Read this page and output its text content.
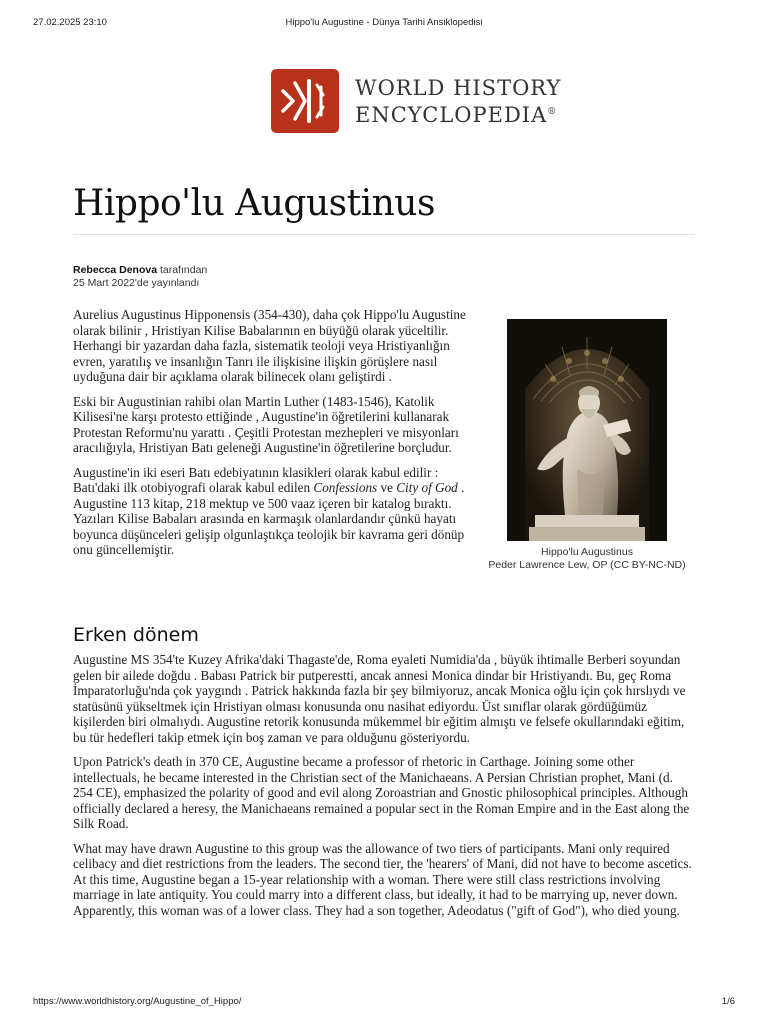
27.02.2025 23:10	Hippo'lu Augustine - Dünya Tarihi Ansiklopedisi
WORLD HISTORY
ENCYCLOPEDIA®
Hippo'lu Augustinus
Rebecca Denova tarafından
25 Mart 2022'de yayınlandı

Aurelius Augustinus Hipponensis (354-430), daha çok Hippo'lu Augustine olarak bilinir , Hristiyan Kilise Babalarının en büyüğü olarak yüceltilir. Herhangi bir yazardan daha fazla, sistematik teoloji veya Hristiyanlığın evren, yaratılış ve insanlığın Tanrı ile ilişkisine ilişkin görüşlere nasıl uyduğuna dair bir açıklama olarak bilinecek olanı geliştirdi .

Eski bir Augustinian rahibi olan Martin Luther (1483-1546), Katolik Kilisesi'ne karşı protesto ettiğinde , Augustine'in öğretilerini kullanarak Protestan Reformu'nu yarattı . Çeşitli Protestan mezhepleri ve misyonları aracılığıyla, Hristiyan Batı geleneği Augustine'in öğretilerine borçludur.

Augustine'in iki eseri Batı edebiyatının klasikleri olarak kabul edilir : Batı'daki ilk otobiyografi olarak kabul edilen Confessions ve City of God . Augustine 113 kitap, 218 mektup ve 500 vaaz içeren bir katalog bıraktı. Yazıları Kilise Babaları arasında en karmaşık olanlardandır çünkü hayatı boyunca düşünceleri gelişip olgunlaştıkça teolojik bir kavrama geri dönüp onu güncellemiştir.	Hippo'lu Augustinus
Peder Lawrence Lew, OP (CC BY-NC-ND)
Erken dönem

Augustine MS 354'te Kuzey Afrika'daki Thagaste'de, Roma eyaleti Numidia'da , büyük ihtimalle Berberi soyundan gelen bir ailede doğdu . Babası Patrick bir putperestti, ancak annesi Monica dindar bir Hristiyandı. Bu, geç Roma İmparatorluğu'nda çok yaygındı . Patrick hakkında fazla bir şey bilmiyoruz, ancak Monica oğlu için çok hırslıydı ve statüsünü yükseltmek için Hristiyan olması konusunda onu nasihat ediyordu. Üst sınıflar olarak gördüğümüz kişilerden biri olmalıydı. Augustine retorik konusunda mükemmel bir eğitim almıştı ve felsefe okullarındaki eğitim, bu tür hedefleri takip etmek için boş zaman ve para olduğunu gösteriyordu.

Upon Patrick's death in 370 CE, Augustine became a professor of rhetoric in Carthage. Joining some other intellectuals, he became interested in the Christian sect of the Manichaeans. A Persian Christian prophet, Mani (d. 254 CE), emphasized the polarity of good and evil along Zoroastrian and Gnostic philosophical principles. Although officially declared a heresy, the Manichaeans remained a popular sect in the Roman Empire and in the East along the Silk Road.

What may have drawn Augustine to this group was the allowance of two tiers of participants. Mani only required celibacy and diet restrictions from the leaders. The second tier, the 'hearers' of Mani, did not have to become ascetics. At this time, Augustine began a 15-year relationship with a woman. There were still class restrictions involving marriage in late antiquity. You could marry into a different class, but ideally, it had to be marrying up, never down. Apparently, this woman was of a lower class. They had a son together, Adeodatus ("gift of God"), who died young.

https://www.worldhistory.org/Augustine_of_Hippo/	1/6
